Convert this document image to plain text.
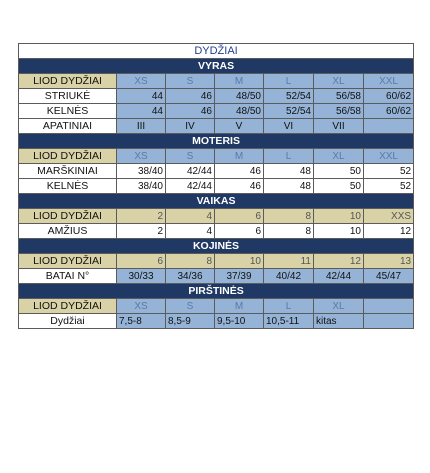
DYDŽIAI						
VYRAS						
LIOD DYDŽIAI	XS	S	M	L	XL	XXL
STRIUKĖ	44	46	48/50	52/54	56/58	60/62
KELNĖS	44	46	48/50	52/54	56/58	60/62
APATINIAI	III	IV	V	VI	VII	
MOTERIS						
LIOD DYDŽIAI	XS	S	M	L	XL	XXL
MARŠKINIAI	38/40	42/44	46	48	50	52
KELNĖS	38/40	42/44	46	48	50	52
VAIKAS						
LIOD DYDŽIAI	2	4	6	8	10	XXS
AMŽIUS	2	4	6	8	10	12
KOJINĖS						
LIOD DYDŽIAI	6	8	10	11	12	13
BATAI N°	30/33	34/36	37/39	40/42	42/44	45/47
PIRŠTINĖS						
LIOD DYDŽIAI	XS	S	M	L	XL	
Dydžiai	7,5-8	8,5-9	9,5-10	10,5-11	kitas	
